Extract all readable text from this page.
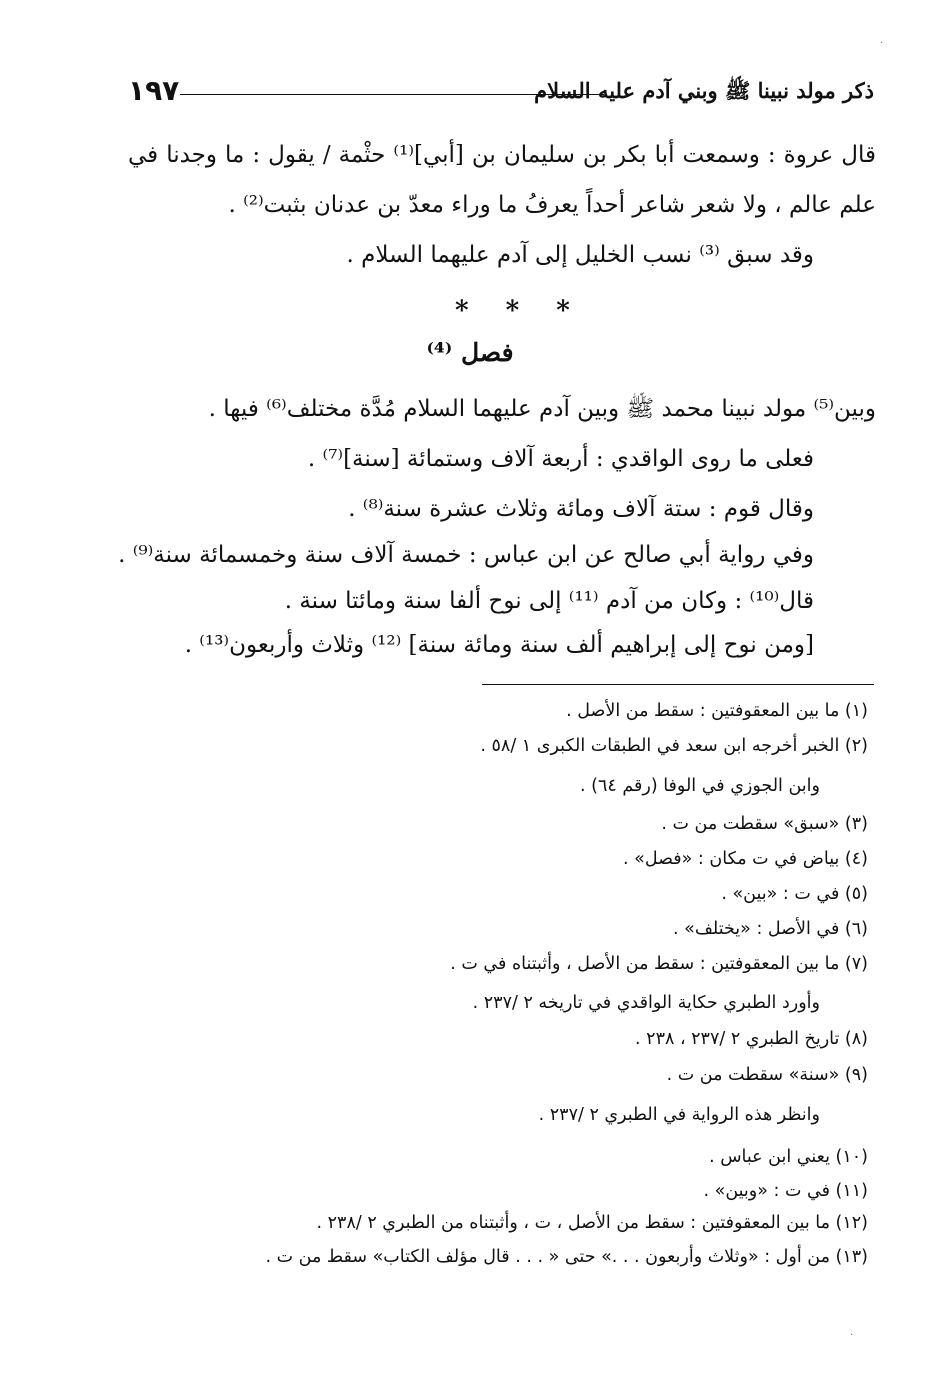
١٩٧	ذكر مولد نبينا ﷺ وبني آدم عليه السلام
قال عروة : وسمعت أبا بكر بن سليمان بن [أبي]⁽¹⁾ حثْمة / يقول : ما وجدنا في
علم عالم ، ولا شعر شاعر أحداً يعرفُ ما وراء معدّ بن عدنان بثبت⁽²⁾ .
وقد سبق ⁽³⁾ نسب الخليل إلى آدم عليهما السلام .
* * *
فصل ⁽⁴⁾
وبين⁽⁵⁾ مولد نبينا محمد ﷺ وبين آدم عليهما السلام مُدَّة مختلف⁽⁶⁾ فيها .
فعلى ما روى الواقدي : أربعة آلاف وستمائة [سنة]⁽⁷⁾ .
وقال قوم : ستة آلاف ومائة وثلاث عشرة سنة⁽⁸⁾ .
وفي رواية أبي صالح عن ابن عباس : خمسة آلاف سنة وخمسمائة سنة⁽⁹⁾ .
قال⁽¹⁰⁾ : وكان من آدم ⁽¹¹⁾ إلى نوح ألفا سنة ومائتا سنة .
[ومن نوح إلى إبراهيم ألف سنة ومائة سنة] ⁽¹²⁾ وثلاث وأربعون⁽¹³⁾ .
(١) ما بين المعقوفتين : سقط من الأصل .
(٢) الخبر أخرجه ابن سعد في الطبقات الكبرى ١ /٥٨ .
وابن الجوزي في الوفا (رقم ٦٤) .
(٣) «سبق» سقطت من ت .
(٤) بياض في ت مكان : «فصل» .
(٥) في ت : «بين» .
(٦) في الأصل : «يختلف» .
(٧) ما بين المعقوفتين : سقط من الأصل ، وأثبتناه في ت .
وأورد الطبري حكاية الواقدي في تاريخه ٢ /٢٣٧ .
(٨) تاريخ الطبري ٢ /٢٣٧ ، ٢٣٨ .
(٩) «سنة» سقطت من ت .
وانظر هذه الرواية في الطبري ٢ /٢٣٧ .
(١٠) يعني ابن عباس .
(١١) في ت : «وبين» .
(١٢) ما بين المعقوفتين : سقط من الأصل ، ت ، وأثبتناه من الطبري ٢ /٢٣٨ .
(١٣) من أول : «وثلاث وأربعون . . .» حتى « . . . قال مؤلف الكتاب» سقط من ت .
·
·
